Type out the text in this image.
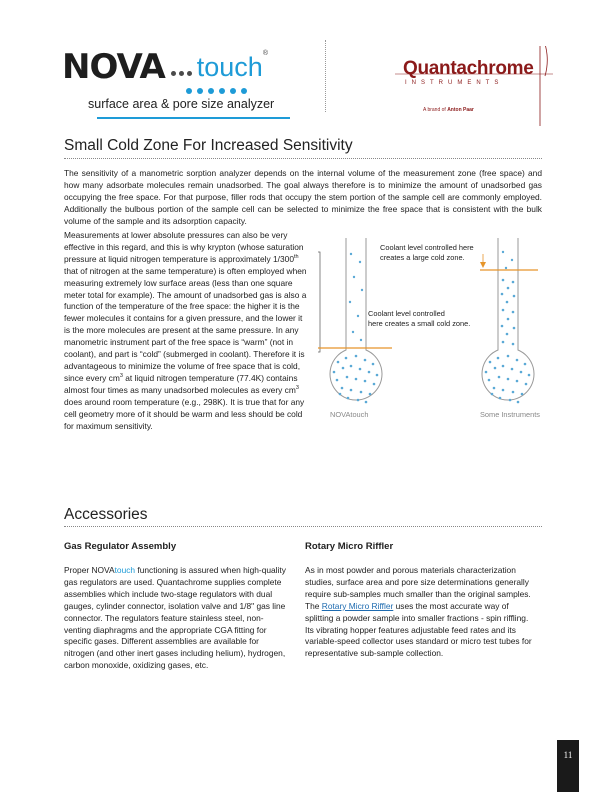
NOVA touch ®
surface area & pore size analyzer
Quantachrome
INSTRUMENTS
A brand of Anton Paar
Small Cold Zone For Increased Sensitivity
The sensitivity of a manometric sorption analyzer depends on the internal volume of the measurement zone (free space) and how many adsorbate molecules remain unadsorbed. The goal always therefore is to minimize the amount of unadsorbed gas occupying the free space. For that purpose, filler rods that occupy the stem portion of the sample cell are commonly employed. Additionally the bulbous portion of the sample cell can be selected to minimize the free space that is consistent with the bulk volume of the sample and its adsorption capacity.
Measurements at lower absolute pressures can also be very effective in this regard, and this is why krypton (whose saturation pressure at liquid nitrogen temperature is approximately 1/300th that of nitrogen at the same temperature) is often employed when measuring extremely low surface areas (less than one square meter total for example). The amount of unadsorbed gas is also a function of the temperature of the free space: the higher it is the fewer molecules it contains for a given pressure, and the lower it is the more molecules are present at the same pressure. In any manometric instrument part of the free space is “warm” (not in coolant), and part is “cold” (submerged in coolant). Therefore it is advantageous to minimize the volume of free space that is cold, since every $cm^3$ at liquid nitrogen temperature (77.4K) contains almost four times as many unadsorbed molecules as every $cm^3$ does around room temperature (e.g., 298K). It is true that for any cell geometry more of it should be warm and less should be cold for maximum sensitivity.
Coolant level controlled here
creates a large cold zone.
Coolant level controlled
here creates a small cold zone.
NOVAtouch	Some Instruments
Accessories
Gas Regulator Assembly
Proper NOVAtouch functioning is assured when high-quality gas regulators are used. Quantachrome supplies complete assemblies which include two-stage regulators with dual gauges, cylinder connector, isolation valve and 1/8" gas line connector. The regulators feature stainless steel, non-venting diaphragms and the appropriate CGA fitting for specific gases. Different assemblies are available for nitrogen (and other inert gases including helium), hydrogen, carbon monoxide, oxidizing gases, etc.
Rotary Micro Riffler
As in most powder and porous materials characterization studies, surface area and pore size determinations generally require sub-samples much smaller than the original samples. The Rotary Micro Riffler uses the most accurate way of splitting a powder sample into smaller fractions - spin riffling. Its vibrating hopper features adjustable feed rates and its variable-speed collector uses standard or micro test tubes for representative sub-sample collection.
11
